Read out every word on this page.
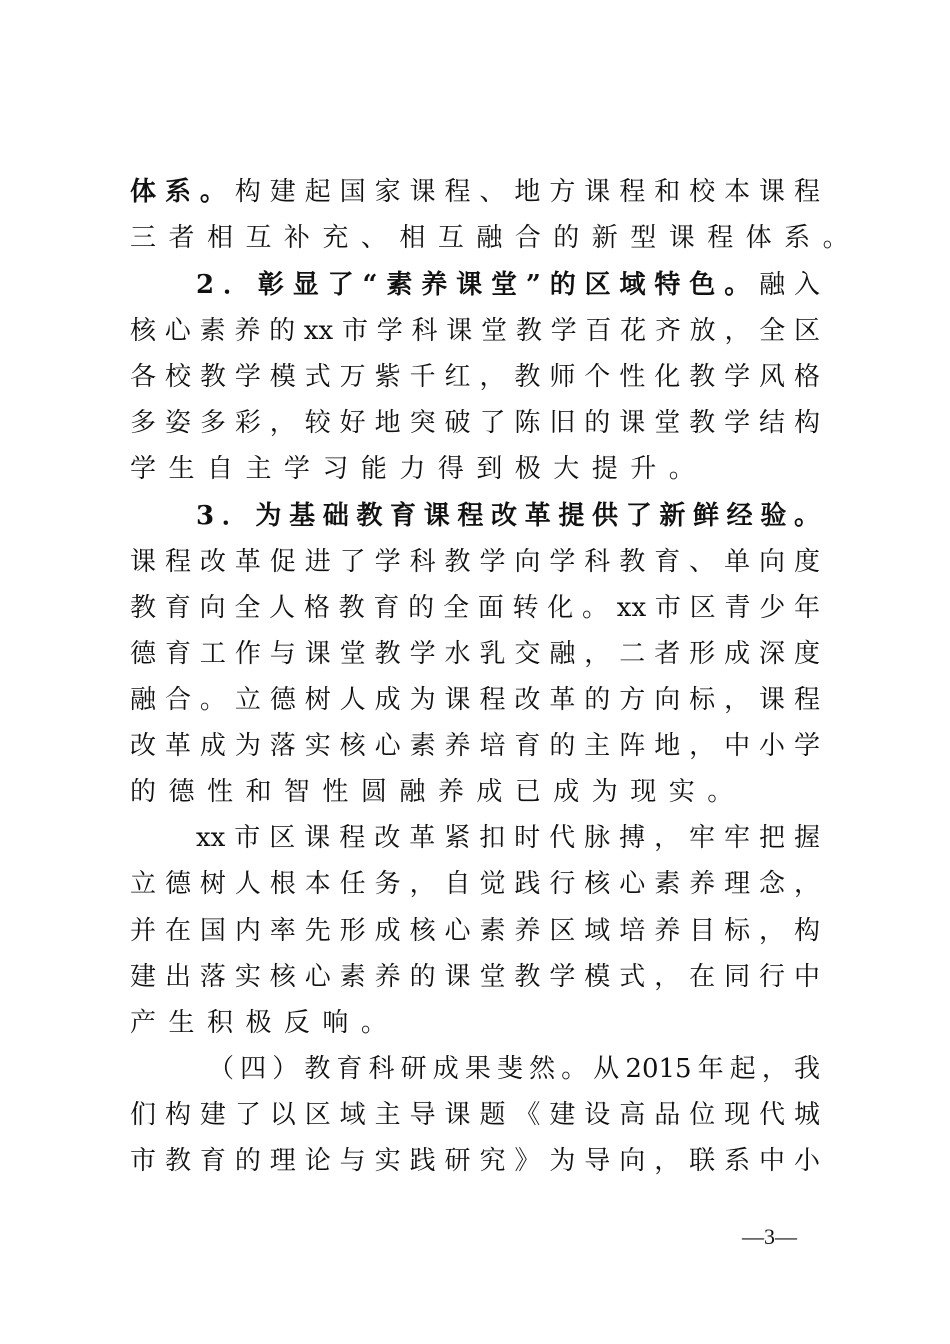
体系。构建起国家课程、地方课程和校本课程
三者相互补充、相互融合的新型课程体系。
2．彰显了“素养课堂”的区域特色。融入
核心素养的xx市学科课堂教学百花齐放，全区
各校教学模式万紫千红，教师个性化教学风格
多姿多彩，较好地突破了陈旧的课堂教学结构
学生自主学习能力得到极大提升。
3．为基础教育课程改革提供了新鲜经验。
课程改革促进了学科教学向学科教育、单向度
教育向全人格教育的全面转化。xx市区青少年
德育工作与课堂教学水乳交融，二者形成深度
融合。立德树人成为课程改革的方向标，课程
改革成为落实核心素养培育的主阵地，中小学
的德性和智性圆融养成已成为现实。
xx市区课程改革紧扣时代脉搏，牢牢把握
立德树人根本任务，自觉践行核心素养理念，
并在国内率先形成核心素养区域培养目标，构
建出落实核心素养的课堂教学模式，在同行中
产生积极反响。
（四）教育科研成果斐然。从2015年起，我
们构建了以区域主导课题《建设高品位现代城
市教育的理论与实践研究》为导向，联系中小
—3—
